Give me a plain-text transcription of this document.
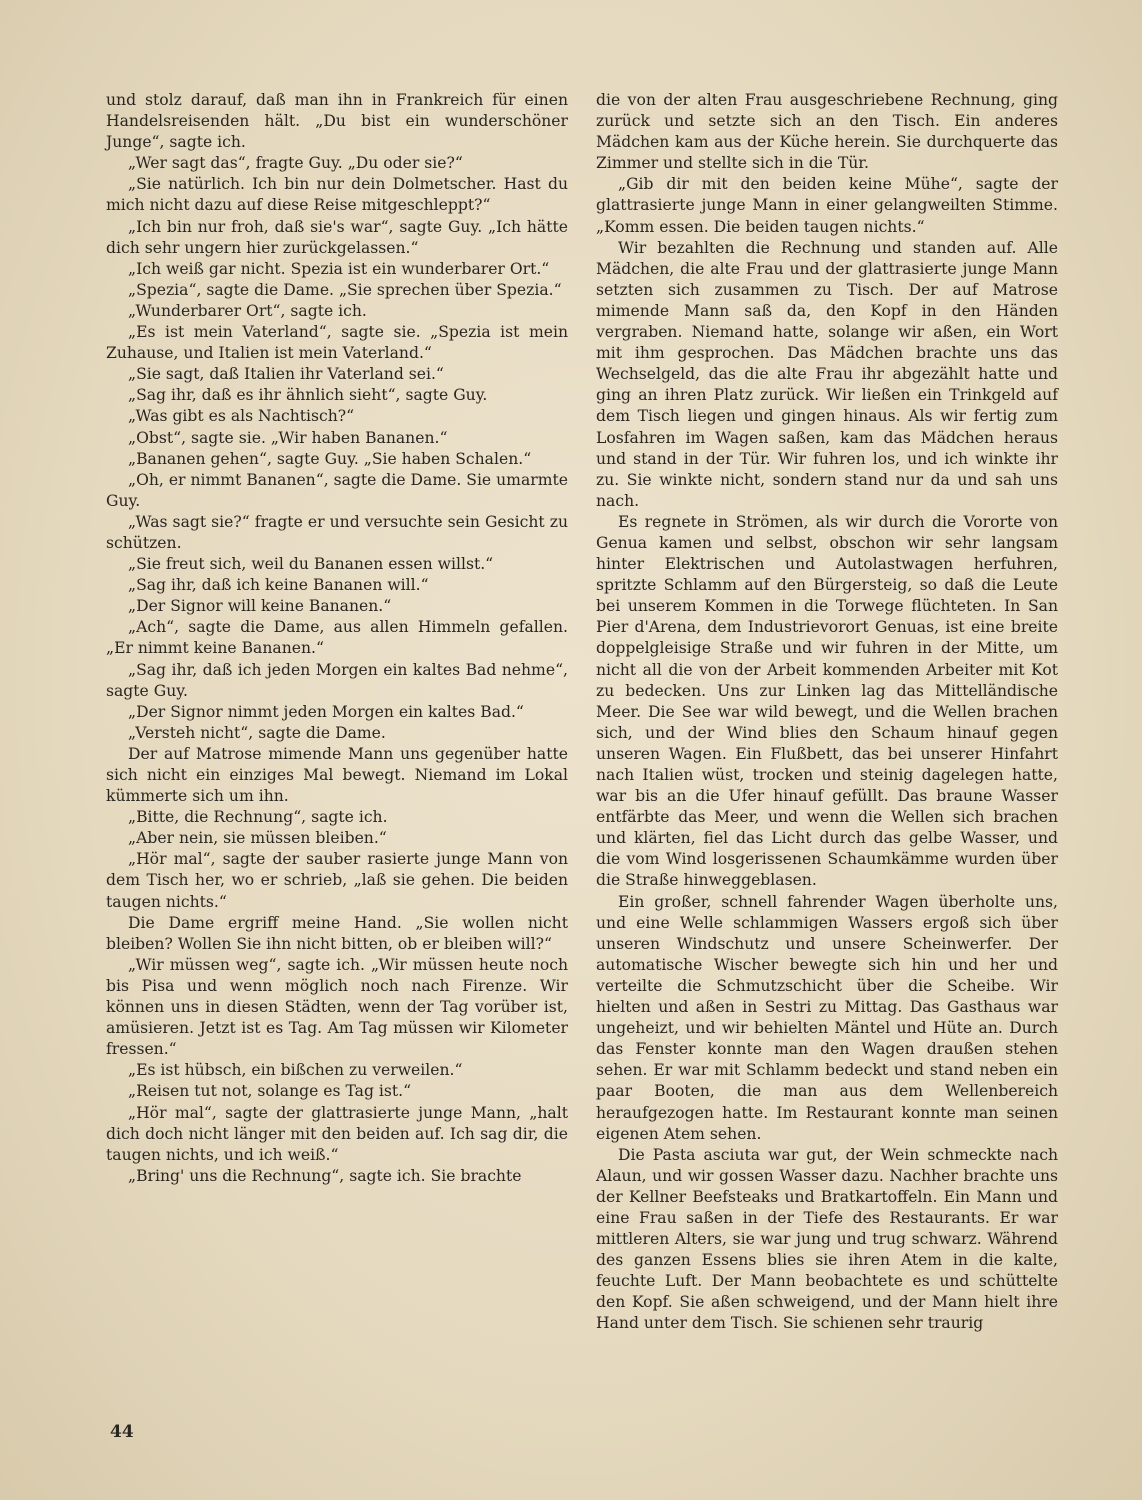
und stolz darauf, daß man ihn in Frankreich für einen Handelsreisenden hält. „Du bist ein wunderschöner Junge“, sagte ich.

„Wer sagt das“, fragte Guy. „Du oder sie?“

„Sie natürlich. Ich bin nur dein Dolmetscher. Hast du mich nicht dazu auf diese Reise mitgeschleppt?“

„Ich bin nur froh, daß sie's war“, sagte Guy. „Ich hätte dich sehr ungern hier zurückgelassen.“

„Ich weiß gar nicht. Spezia ist ein wunderbarer Ort.“

„Spezia“, sagte die Dame. „Sie sprechen über Spezia.“

„Wunderbarer Ort“, sagte ich.

„Es ist mein Vaterland“, sagte sie. „Spezia ist mein Zuhause, und Italien ist mein Vaterland.“

„Sie sagt, daß Italien ihr Vaterland sei.“

„Sag ihr, daß es ihr ähnlich sieht“, sagte Guy.

„Was gibt es als Nachtisch?“

„Obst“, sagte sie. „Wir haben Bananen.“

„Bananen gehen“, sagte Guy. „Sie haben Schalen.“

„Oh, er nimmt Bananen“, sagte die Dame. Sie umarmte Guy.

„Was sagt sie?“ fragte er und versuchte sein Gesicht zu schützen.

„Sie freut sich, weil du Bananen essen willst.“

„Sag ihr, daß ich keine Bananen will.“

„Der Signor will keine Bananen.“

„Ach“, sagte die Dame, aus allen Himmeln gefallen. „Er nimmt keine Bananen.“

„Sag ihr, daß ich jeden Morgen ein kaltes Bad nehme“, sagte Guy.

„Der Signor nimmt jeden Morgen ein kaltes Bad.“

„Versteh nicht“, sagte die Dame.

Der auf Matrose mimende Mann uns gegenüber hatte sich nicht ein einziges Mal bewegt. Niemand im Lokal kümmerte sich um ihn.

„Bitte, die Rechnung“, sagte ich.

„Aber nein, sie müssen bleiben.“

„Hör mal“, sagte der sauber rasierte junge Mann von dem Tisch her, wo er schrieb, „laß sie gehen. Die beiden taugen nichts.“

Die Dame ergriff meine Hand. „Sie wollen nicht bleiben? Wollen Sie ihn nicht bitten, ob er bleiben will?“

„Wir müssen weg“, sagte ich. „Wir müssen heute noch bis Pisa und wenn möglich noch nach Firenze. Wir können uns in diesen Städten, wenn der Tag vorüber ist, amüsieren. Jetzt ist es Tag. Am Tag müssen wir Kilometer fressen.“

„Es ist hübsch, ein bißchen zu verweilen.“

„Reisen tut not, solange es Tag ist.“

„Hör mal“, sagte der glattrasierte junge Mann, „halt dich doch nicht länger mit den beiden auf. Ich sag dir, die taugen nichts, und ich weiß.“

„Bring' uns die Rechnung“, sagte ich. Sie brachte

die von der alten Frau ausgeschriebene Rechnung, ging zurück und setzte sich an den Tisch. Ein anderes Mädchen kam aus der Küche herein. Sie durchquerte das Zimmer und stellte sich in die Tür.

„Gib dir mit den beiden keine Mühe“, sagte der glattrasierte junge Mann in einer gelangweilten Stimme. „Komm essen. Die beiden taugen nichts.“

Wir bezahlten die Rechnung und standen auf. Alle Mädchen, die alte Frau und der glattrasierte junge Mann setzten sich zusammen zu Tisch. Der auf Matrose mimende Mann saß da, den Kopf in den Händen vergraben. Niemand hatte, solange wir aßen, ein Wort mit ihm gesprochen. Das Mädchen brachte uns das Wechselgeld, das die alte Frau ihr abgezählt hatte und ging an ihren Platz zurück. Wir ließen ein Trinkgeld auf dem Tisch liegen und gingen hinaus. Als wir fertig zum Losfahren im Wagen saßen, kam das Mädchen heraus und stand in der Tür. Wir fuhren los, und ich winkte ihr zu. Sie winkte nicht, sondern stand nur da und sah uns nach.

Es regnete in Strömen, als wir durch die Vororte von Genua kamen und selbst, obschon wir sehr langsam hinter Elektrischen und Autolastwagen herfuhren, spritzte Schlamm auf den Bürgersteig, so daß die Leute bei unserem Kommen in die Torwege flüchteten. In San Pier d'Arena, dem Industrievorort Genuas, ist eine breite doppelgleisige Straße und wir fuhren in der Mitte, um nicht all die von der Arbeit kommenden Arbeiter mit Kot zu bedecken. Uns zur Linken lag das Mittelländische Meer. Die See war wild bewegt, und die Wellen brachen sich, und der Wind blies den Schaum hinauf gegen unseren Wagen. Ein Flußbett, das bei unserer Hinfahrt nach Italien wüst, trocken und steinig dagelegen hatte, war bis an die Ufer hinauf gefüllt. Das braune Wasser entfärbte das Meer, und wenn die Wellen sich brachen und klärten, fiel das Licht durch das gelbe Wasser, und die vom Wind losgerissenen Schaumkämme wurden über die Straße hinweggeblasen.

Ein großer, schnell fahrender Wagen überholte uns, und eine Welle schlammigen Wassers ergoß sich über unseren Windschutz und unsere Scheinwerfer. Der automatische Wischer bewegte sich hin und her und verteilte die Schmutzschicht über die Scheibe. Wir hielten und aßen in Sestri zu Mittag. Das Gasthaus war ungeheizt, und wir behielten Mäntel und Hüte an. Durch das Fenster konnte man den Wagen draußen stehen sehen. Er war mit Schlamm bedeckt und stand neben ein paar Booten, die man aus dem Wellenbereich heraufgezogen hatte. Im Restaurant konnte man seinen eigenen Atem sehen.

Die Pasta asciuta war gut, der Wein schmeckte nach Alaun, und wir gossen Wasser dazu. Nachher brachte uns der Kellner Beefsteaks und Bratkartoffeln. Ein Mann und eine Frau saßen in der Tiefe des Restaurants. Er war mittleren Alters, sie war jung und trug schwarz. Während des ganzen Essens blies sie ihren Atem in die kalte, feuchte Luft. Der Mann beobachtete es und schüttelte den Kopf. Sie aßen schweigend, und der Mann hielt ihre Hand unter dem Tisch. Sie schienen sehr traurig

44
